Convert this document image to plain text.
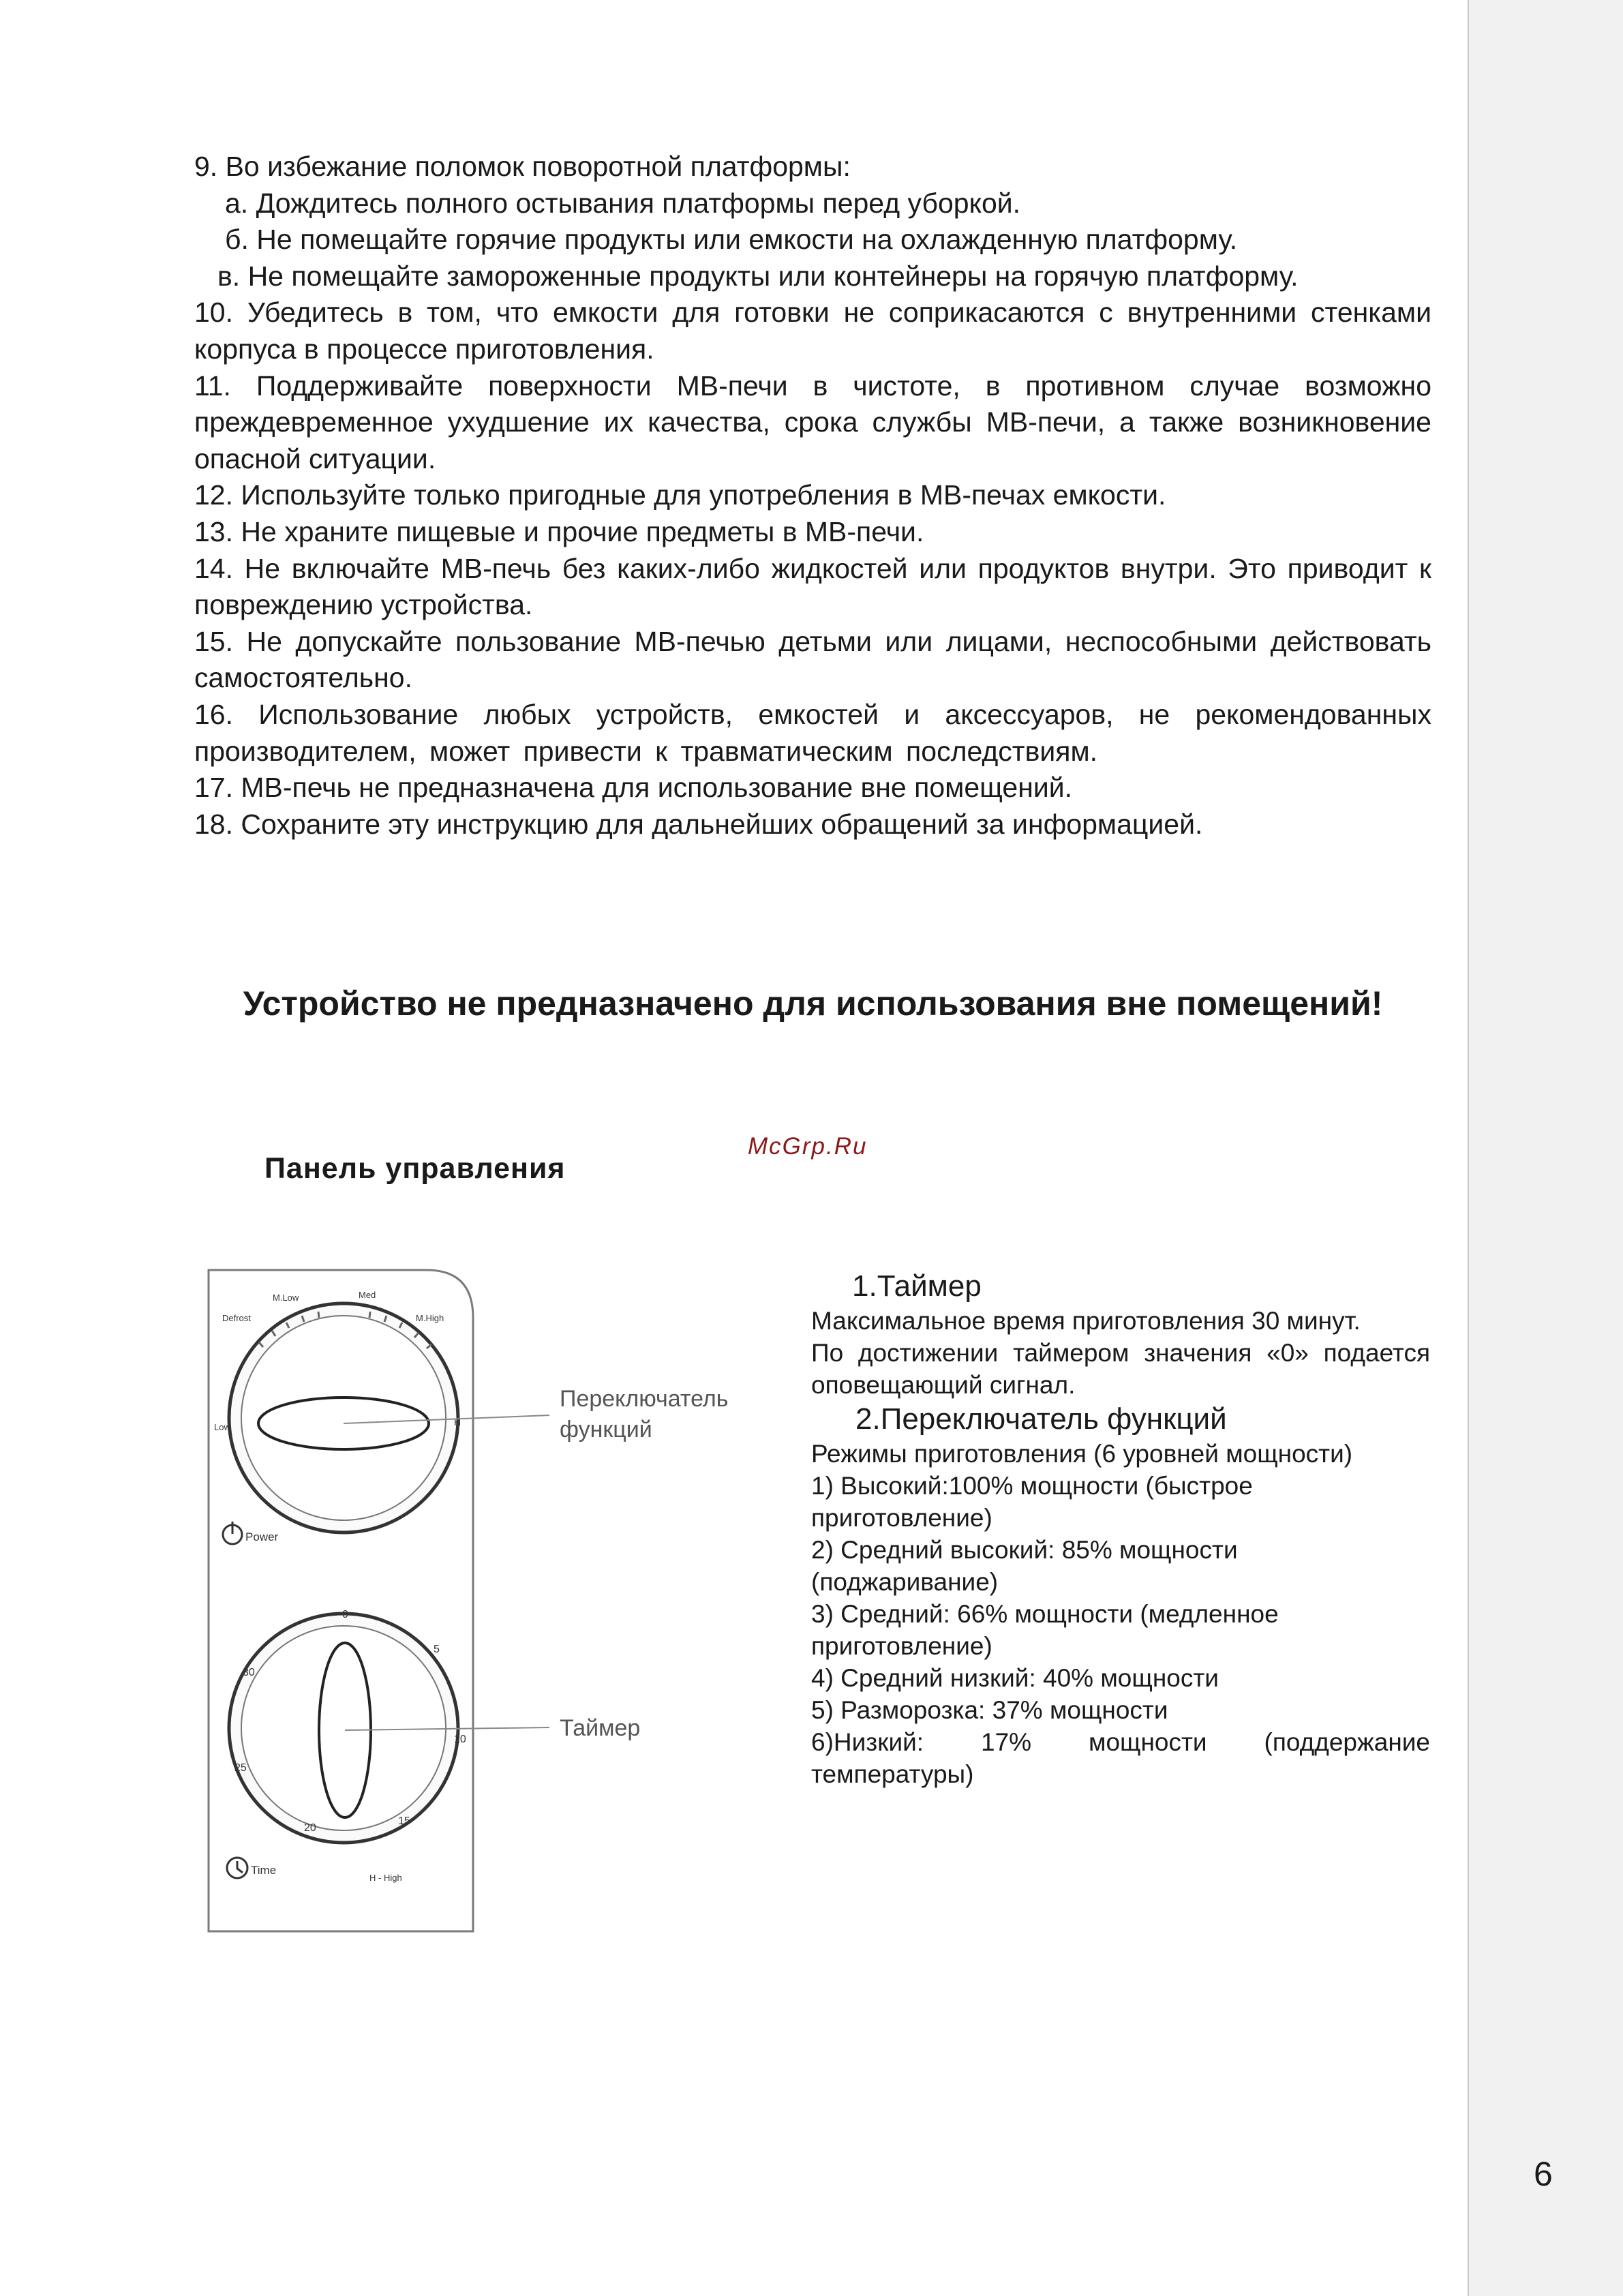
6

9. Во избежание поломок поворотной платформы:

а. Дождитесь полного остывания платформы перед уборкой.

б. Не помещайте горячие продукты или емкости на охлажденную платформу.

в. Не помещайте замороженные продукты или контейнеры на горячую платформу.

10. Убедитесь в том, что емкости для готовки не соприкасаются с внутренними стенками корпуса в процессе приготовления.

11. Поддерживайте поверхности МВ-печи в чистоте, в противном случае возможно преждевременное ухудшение их качества, срока службы МВ-печи, а также возникновение опасной ситуации.

12. Используйте только пригодные для употребления в МВ-печах емкости.

13. Не храните пищевые и прочие предметы в МВ-печи.

14. Не включайте МВ-печь без каких-либо жидкостей или продуктов внутри. Это приводит к повреждению устройства.

15. Не допускайте пользование МВ-печью детьми или лицами, неспособными действовать самостоятельно.

16. Использование любых устройств, емкостей и аксессуаров, не рекомендованных производителем, может привести к травматическим последствиям.

17. МВ-печь не предназначена для использование вне помещений.

18. Сохраните эту инструкцию для дальнейших обращений за информацией.

Устройство не предназначено для использования вне помещений!
Панель управления
McGrp.Ru
Defrost
M.Low	Med
M.High
H
Low
Переключатель
функций
Power
0
5
10
15
20
25
30
Таймер
Time
H - High

1.Таймер

Максимальное время приготовления 30 минут.

По достижении таймером значения «0» подается оповещающий сигнал.

2.Переключатель функций

Режимы приготовления (6 уровней мощности)

1) Высокий:100% мощности (быстрое приготовление)

2) Средний высокий: 85% мощности (поджаривание)

3) Средний: 66% мощности (медленное приготовление)

4) Средний низкий: 40% мощности

5) Разморозка: 37% мощности

6)Низкий: 17% мощности (поддержание температуры)
